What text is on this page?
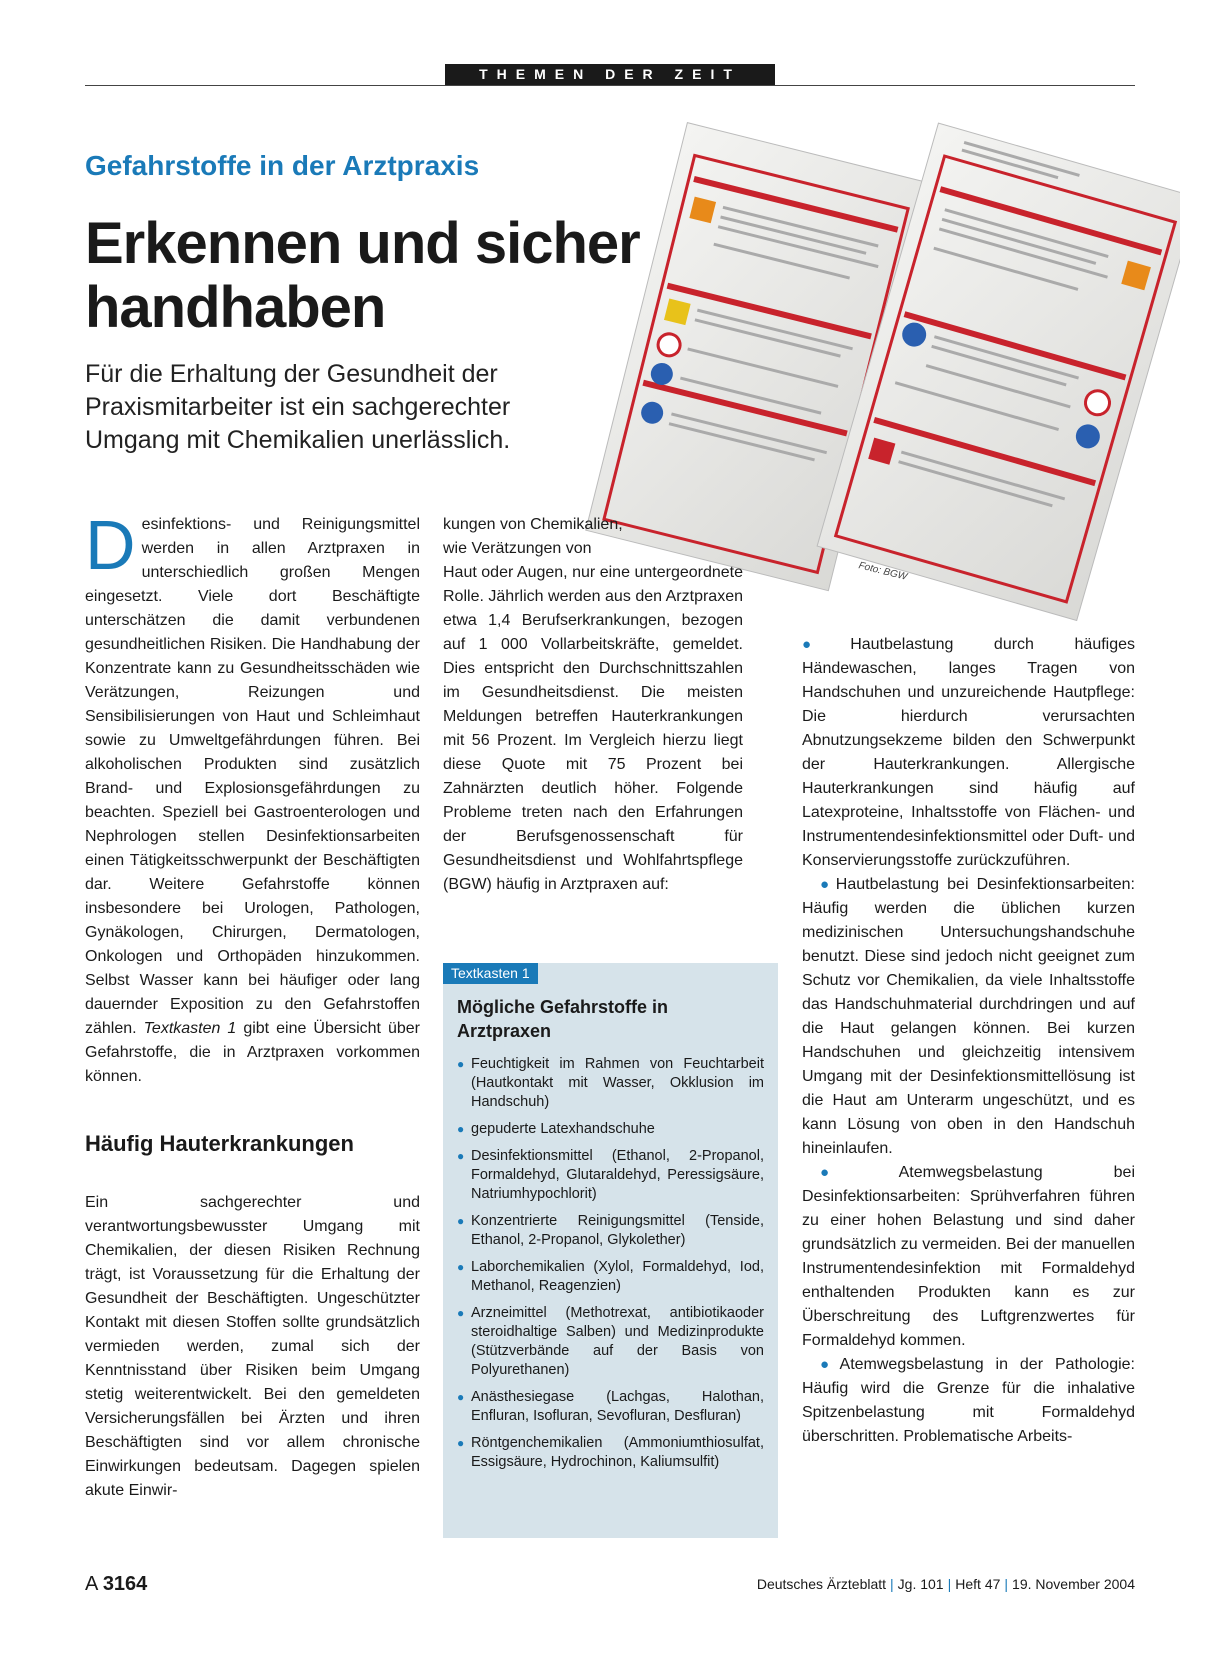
THEMEN DER ZEIT
Gefahrstoffe in der Arztpraxis
Erkennen und sicher handhaben

Für die Erhaltung der Gesundheit der Praxismitarbeiter ist ein sachgerechter Umgang mit Chemikalien unerlässlich.

Foto: BGW

Desinfektions- und Reinigungsmittel werden in allen Arztpraxen in unterschiedlich großen Mengen eingesetzt. Viele dort Beschäftigte unterschätzen die damit verbundenen gesundheitlichen Risiken. Die Handhabung der Konzentrate kann zu Gesundheitsschäden wie Verätzungen, Reizungen und Sensibilisierungen von Haut und Schleimhaut sowie zu Umweltgefährdungen führen. Bei alkoholischen Produkten sind zusätzlich Brand- und Explosionsgefährdungen zu beachten. Speziell bei Gastroenterologen und Nephrologen stellen Desinfektionsarbeiten einen Tätigkeitsschwerpunkt der Beschäftigten dar. Weitere Gefahrstoffe können insbesondere bei Urologen, Pathologen, Gynäkologen, Chirurgen, Dermatologen, Onkologen und Orthopäden hinzukommen. Selbst Wasser kann bei häufiger oder lang dauernder Exposition zu den Gefahrstoffen zählen. Textkasten 1 gibt eine Übersicht über Gefahrstoffe, die in Arztpraxen vorkommen können.

Häufig Hauterkrankungen

Ein sachgerechter und verantwortungsbewusster Umgang mit Chemikalien, der diesen Risiken Rechnung trägt, ist Voraussetzung für die Erhaltung der Gesundheit der Beschäftigten. Ungeschützter Kontakt mit diesen Stoffen sollte grundsätzlich vermieden werden, zumal sich der Kenntnisstand über Risiken beim Umgang stetig weiterentwickelt. Bei den gemeldeten Versicherungsfällen bei Ärzten und ihren Beschäftigten sind vor allem chronische Einwirkungen bedeutsam. Dagegen spielen akute Einwir-

kungen von Chemikalien, wie Verätzungen von

Haut oder Augen, nur eine untergeordnete Rolle. Jährlich werden aus den Arztpraxen etwa 1,4 Berufserkrankungen, bezogen auf 1 000 Vollarbeitskräfte, gemeldet. Dies entspricht den Durchschnittszahlen im Gesundheitsdienst. Die meisten Meldungen betreffen Hauterkrankungen mit 56 Prozent. Im Vergleich hierzu liegt diese Quote mit 75 Prozent bei Zahnärzten deutlich höher. Folgende Probleme treten nach den Erfahrungen der Berufsgenossenschaft für Gesundheitsdienst und Wohlfahrtspflege (BGW) häufig in Arztpraxen auf:

Textkasten 1
Mögliche Gefahrstoffe in Arztpraxen
● Feuchtigkeit im Rahmen von Feuchtarbeit (Hautkontakt mit Wasser, Okklusion im Handschuh)
● gepuderte Latexhandschuhe
● Desinfektionsmittel (Ethanol, 2-Propanol, Formaldehyd, Glutaraldehyd, Peressigsäure, Natriumhypochlorit)
● Konzentrierte Reinigungsmittel (Tenside, Ethanol, 2-Propanol, Glykolether)
● Laborchemikalien (Xylol, Formaldehyd, Iod, Methanol, Reagenzien)
● Arzneimittel (Methotrexat, antibiotikaoder steroidhaltige Salben) und Medizinprodukte (Stützverbände auf der Basis von Polyurethanen)
● Anästhesiegase (Lachgas, Halothan, Enfluran, Isofluran, Sevofluran, Desfluran)
● Röntgenchemikalien (Ammoniumthiosulfat, Essigsäure, Hydrochinon, Kaliumsulfit)

● Hautbelastung durch häufiges Händewaschen, langes Tragen von Handschuhen und unzureichende Hautpflege: Die hierdurch verursachten Abnutzungsekzeme bilden den Schwerpunkt der Hauterkrankungen. Allergische Hauterkrankungen sind häufig auf Latexproteine, Inhaltsstoffe von Flächen- und Instrumentendesinfektionsmittel oder Duft- und Konservierungsstoffe zurückzuführen.

● Hautbelastung bei Desinfektionsarbeiten: Häufig werden die üblichen kurzen medizinischen Untersuchungshandschuhe benutzt. Diese sind jedoch nicht geeignet zum Schutz vor Chemikalien, da viele Inhaltsstoffe das Handschuhmaterial durchdringen und auf die Haut gelangen können. Bei kurzen Handschuhen und gleichzeitig intensivem Umgang mit der Desinfektionsmittellösung ist die Haut am Unterarm ungeschützt, und es kann Lösung von oben in den Handschuh hineinlaufen.

● Atemwegsbelastung bei Desinfektionsarbeiten: Sprühverfahren führen zu einer hohen Belastung und sind daher grundsätzlich zu vermeiden. Bei der manuellen Instrumentendesinfektion mit Formaldehyd enthaltenden Produkten kann es zur Überschreitung des Luftgrenzwertes für Formaldehyd kommen.

● Atemwegsbelastung in der Pathologie: Häufig wird die Grenze für die inhalative Spitzenbelastung mit Formaldehyd überschritten. Problematische Arbeits-

A 3164	Deutsches Ärzteblatt | Jg. 101 | Heft 47 | 19. November 2004
